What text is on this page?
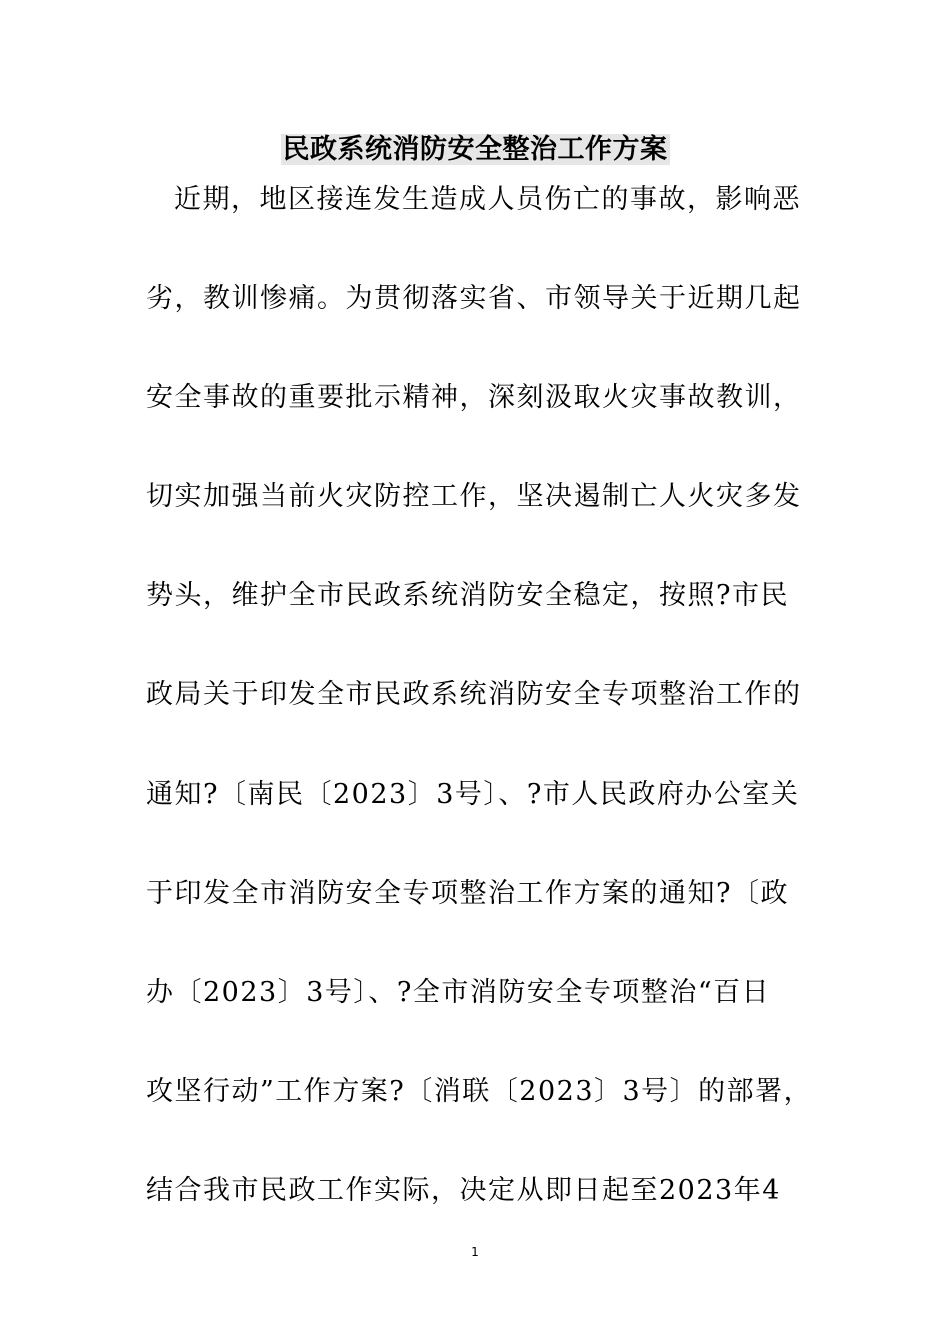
民政系统消防安全整治工作方案
近期，地区接连发生造成人员伤亡的事故，影响恶
劣，教训惨痛。为贯彻落实省、市领导关于近期几起
安全事故的重要批示精神，深刻汲取火灾事故教训，
切实加强当前火灾防控工作，坚决遏制亡人火灾多发
势头，维护全市民政系统消防安全稳定，按照?市民
政局关于印发全市民政系统消防安全专项整治工作的
通知?〔南民〔2023〕3号〕、?市人民政府办公室关
于印发全市消防安全专项整治工作方案的通知?〔政
办〔2023〕3号〕、?全市消防安全专项整治“百日
攻坚行动”工作方案?〔消联〔2023〕3号〕的部署，
结合我市民政工作实际，决定从即日起至2023年4
1
